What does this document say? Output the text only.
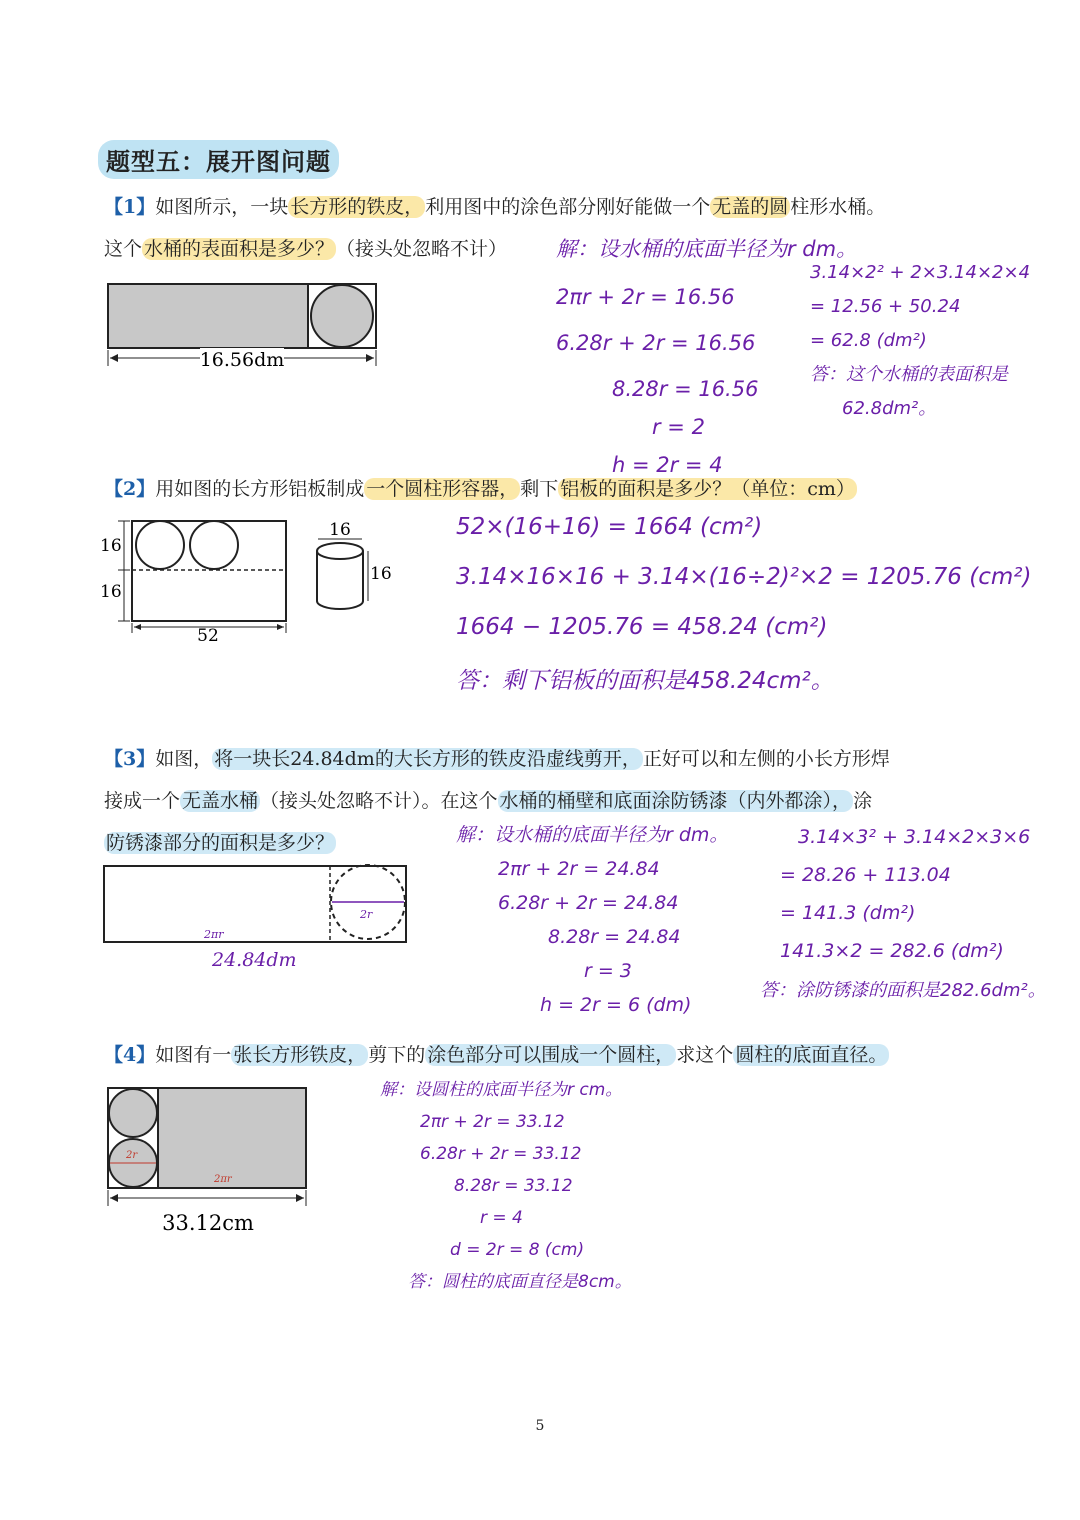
题型五：展开图问题
【1】如图所示，一块 长方形的铁皮， 利用图中的涂色部分刚好能做一个 无盖的圆 柱形水桶。
这个 水桶的表面积是多少？ （接头处忽略不计）
16.56dm
解：设水桶的底面半径为r dm。
2πr + 2r = 16.56
6.28r + 2r = 16.56
8.28r = 16.56
r = 2
h = 2r = 4
3.14×2² + 2×3.14×2×4
= 12.56 + 50.24
= 62.8 (dm²)
答：这个水桶的表面积是
62.8dm²。
【2】用如图的长方形铝板制成 一个圆柱形容器， 剩下 铝板的面积是多少？（单位：cm）
16
16
52
16
16
52×(16+16) = 1664 (cm²)
3.14×16×16 + 3.14×(16÷2)²×2 = 1205.76 (cm²)
1664 − 1205.76 = 458.24 (cm²)
答：剩下铝板的面积是458.24cm²。
【3】如图， 将一块长24.84dm的大长方形的铁皮沿虚线剪开， 正好可以和左侧的小长方形焊
接成一个 无盖水桶 （接头处忽略不计）。在这个 水桶的桶壁和底面涂防锈漆（内外都涂）， 涂
防锈漆部分的面积是多少？
2r
2πr
24.84dm
解：设水桶的底面半径为r dm。
2πr + 2r = 24.84
6.28r + 2r = 24.84
8.28r = 24.84
r = 3
h = 2r = 6 (dm)
3.14×3² + 3.14×2×3×6
= 28.26 + 113.04
= 141.3 (dm²)
141.3×2 = 282.6 (dm²)
答：涂防锈漆的面积是282.6dm²。
【4】如图有一 张长方形铁皮， 剪下的 涂色部分可以围成一个圆柱， 求这个 圆柱的底面直径。
2r
2πr
33.12cm
解：设圆柱的底面半径为r cm。
2πr + 2r = 33.12
6.28r + 2r = 33.12
8.28r = 33.12
r = 4
d = 2r = 8 (cm)
答：圆柱的底面直径是8cm。
5
